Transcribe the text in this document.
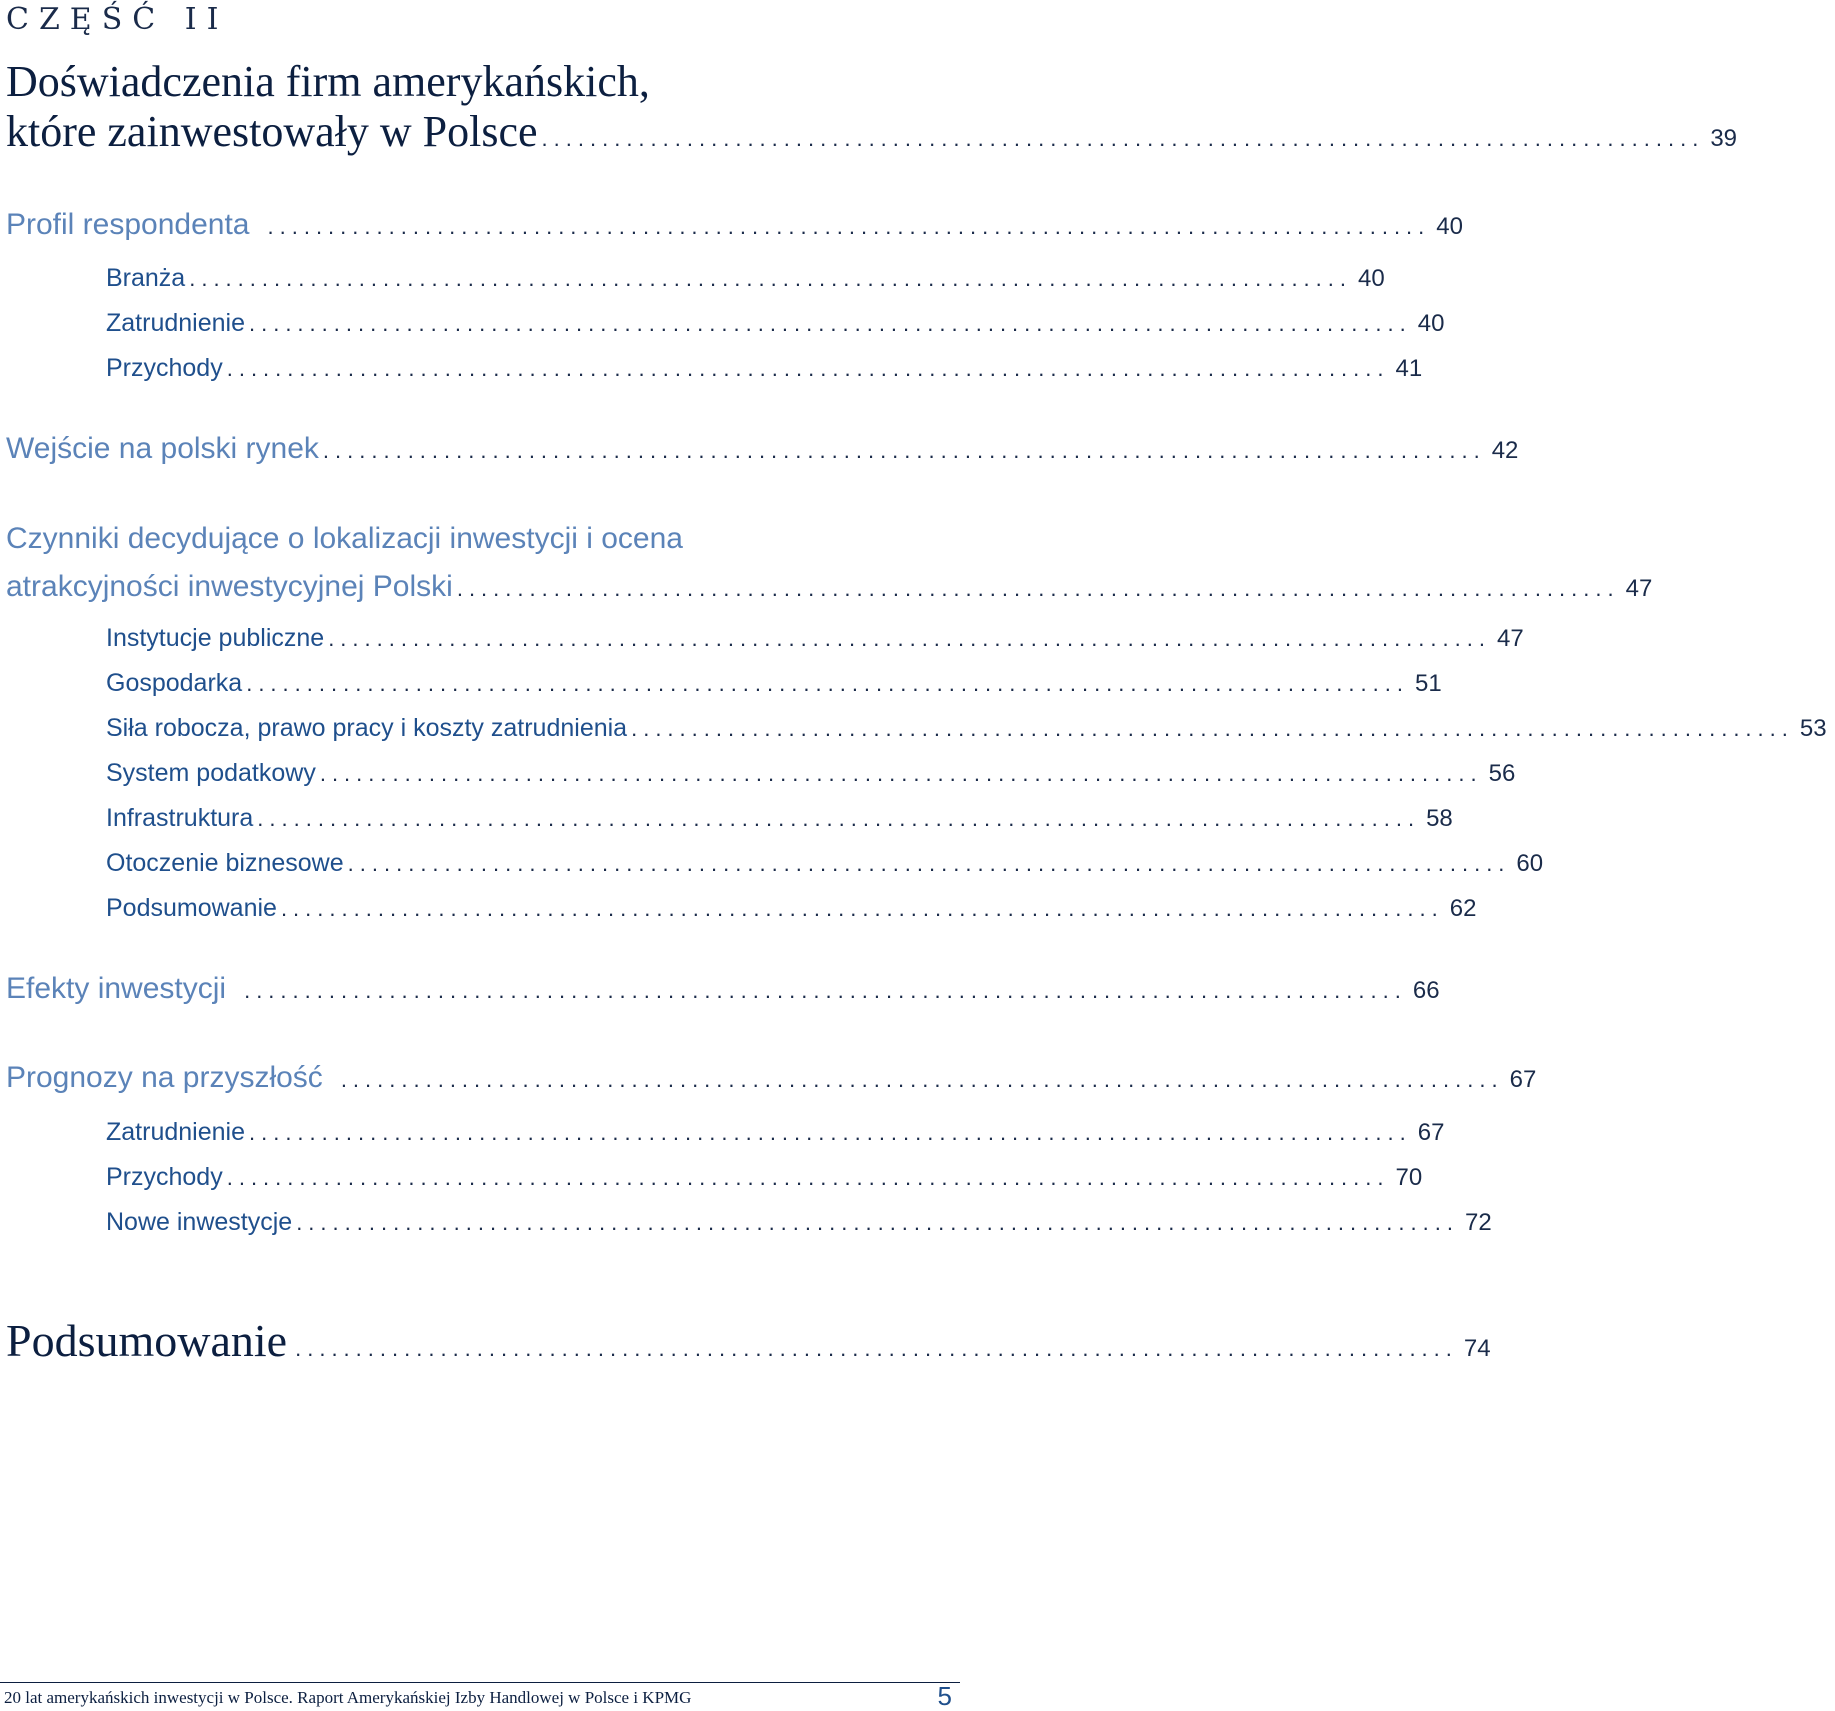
CZĘŚĆ II
Doświadczenia firm amerykańskich,
które zainwestowały w Polsce ................................................................................................ 39
Profil respondenta ................................................................................................ 40
Branża ................................................................................................ 40
Zatrudnienie ................................................................................................ 40
Przychody ................................................................................................ 41
Wejście na polski rynek ................................................................................................ 42
Czynniki decydujące o lokalizacji inwestycji i ocena
atrakcyjności inwestycyjnej Polski ................................................................................................ 47
Instytucje publiczne ................................................................................................ 47
Gospodarka ................................................................................................ 51
Siła robocza, prawo pracy i koszty zatrudnienia ................................................................................................ 53
System podatkowy ................................................................................................ 56
Infrastruktura ................................................................................................ 58
Otoczenie biznesowe ................................................................................................ 60
Podsumowanie ................................................................................................ 62
Efekty inwestycji ................................................................................................ 66
Prognozy na przyszłość ................................................................................................ 67
Zatrudnienie ................................................................................................ 67
Przychody ................................................................................................ 70
Nowe inwestycje ................................................................................................ 72
Podsumowanie ................................................................................................ 74
20 lat amerykańskich inwestycji w Polsce. Raport Amerykańskiej Izby Handlowej w Polsce i KPMG	5
